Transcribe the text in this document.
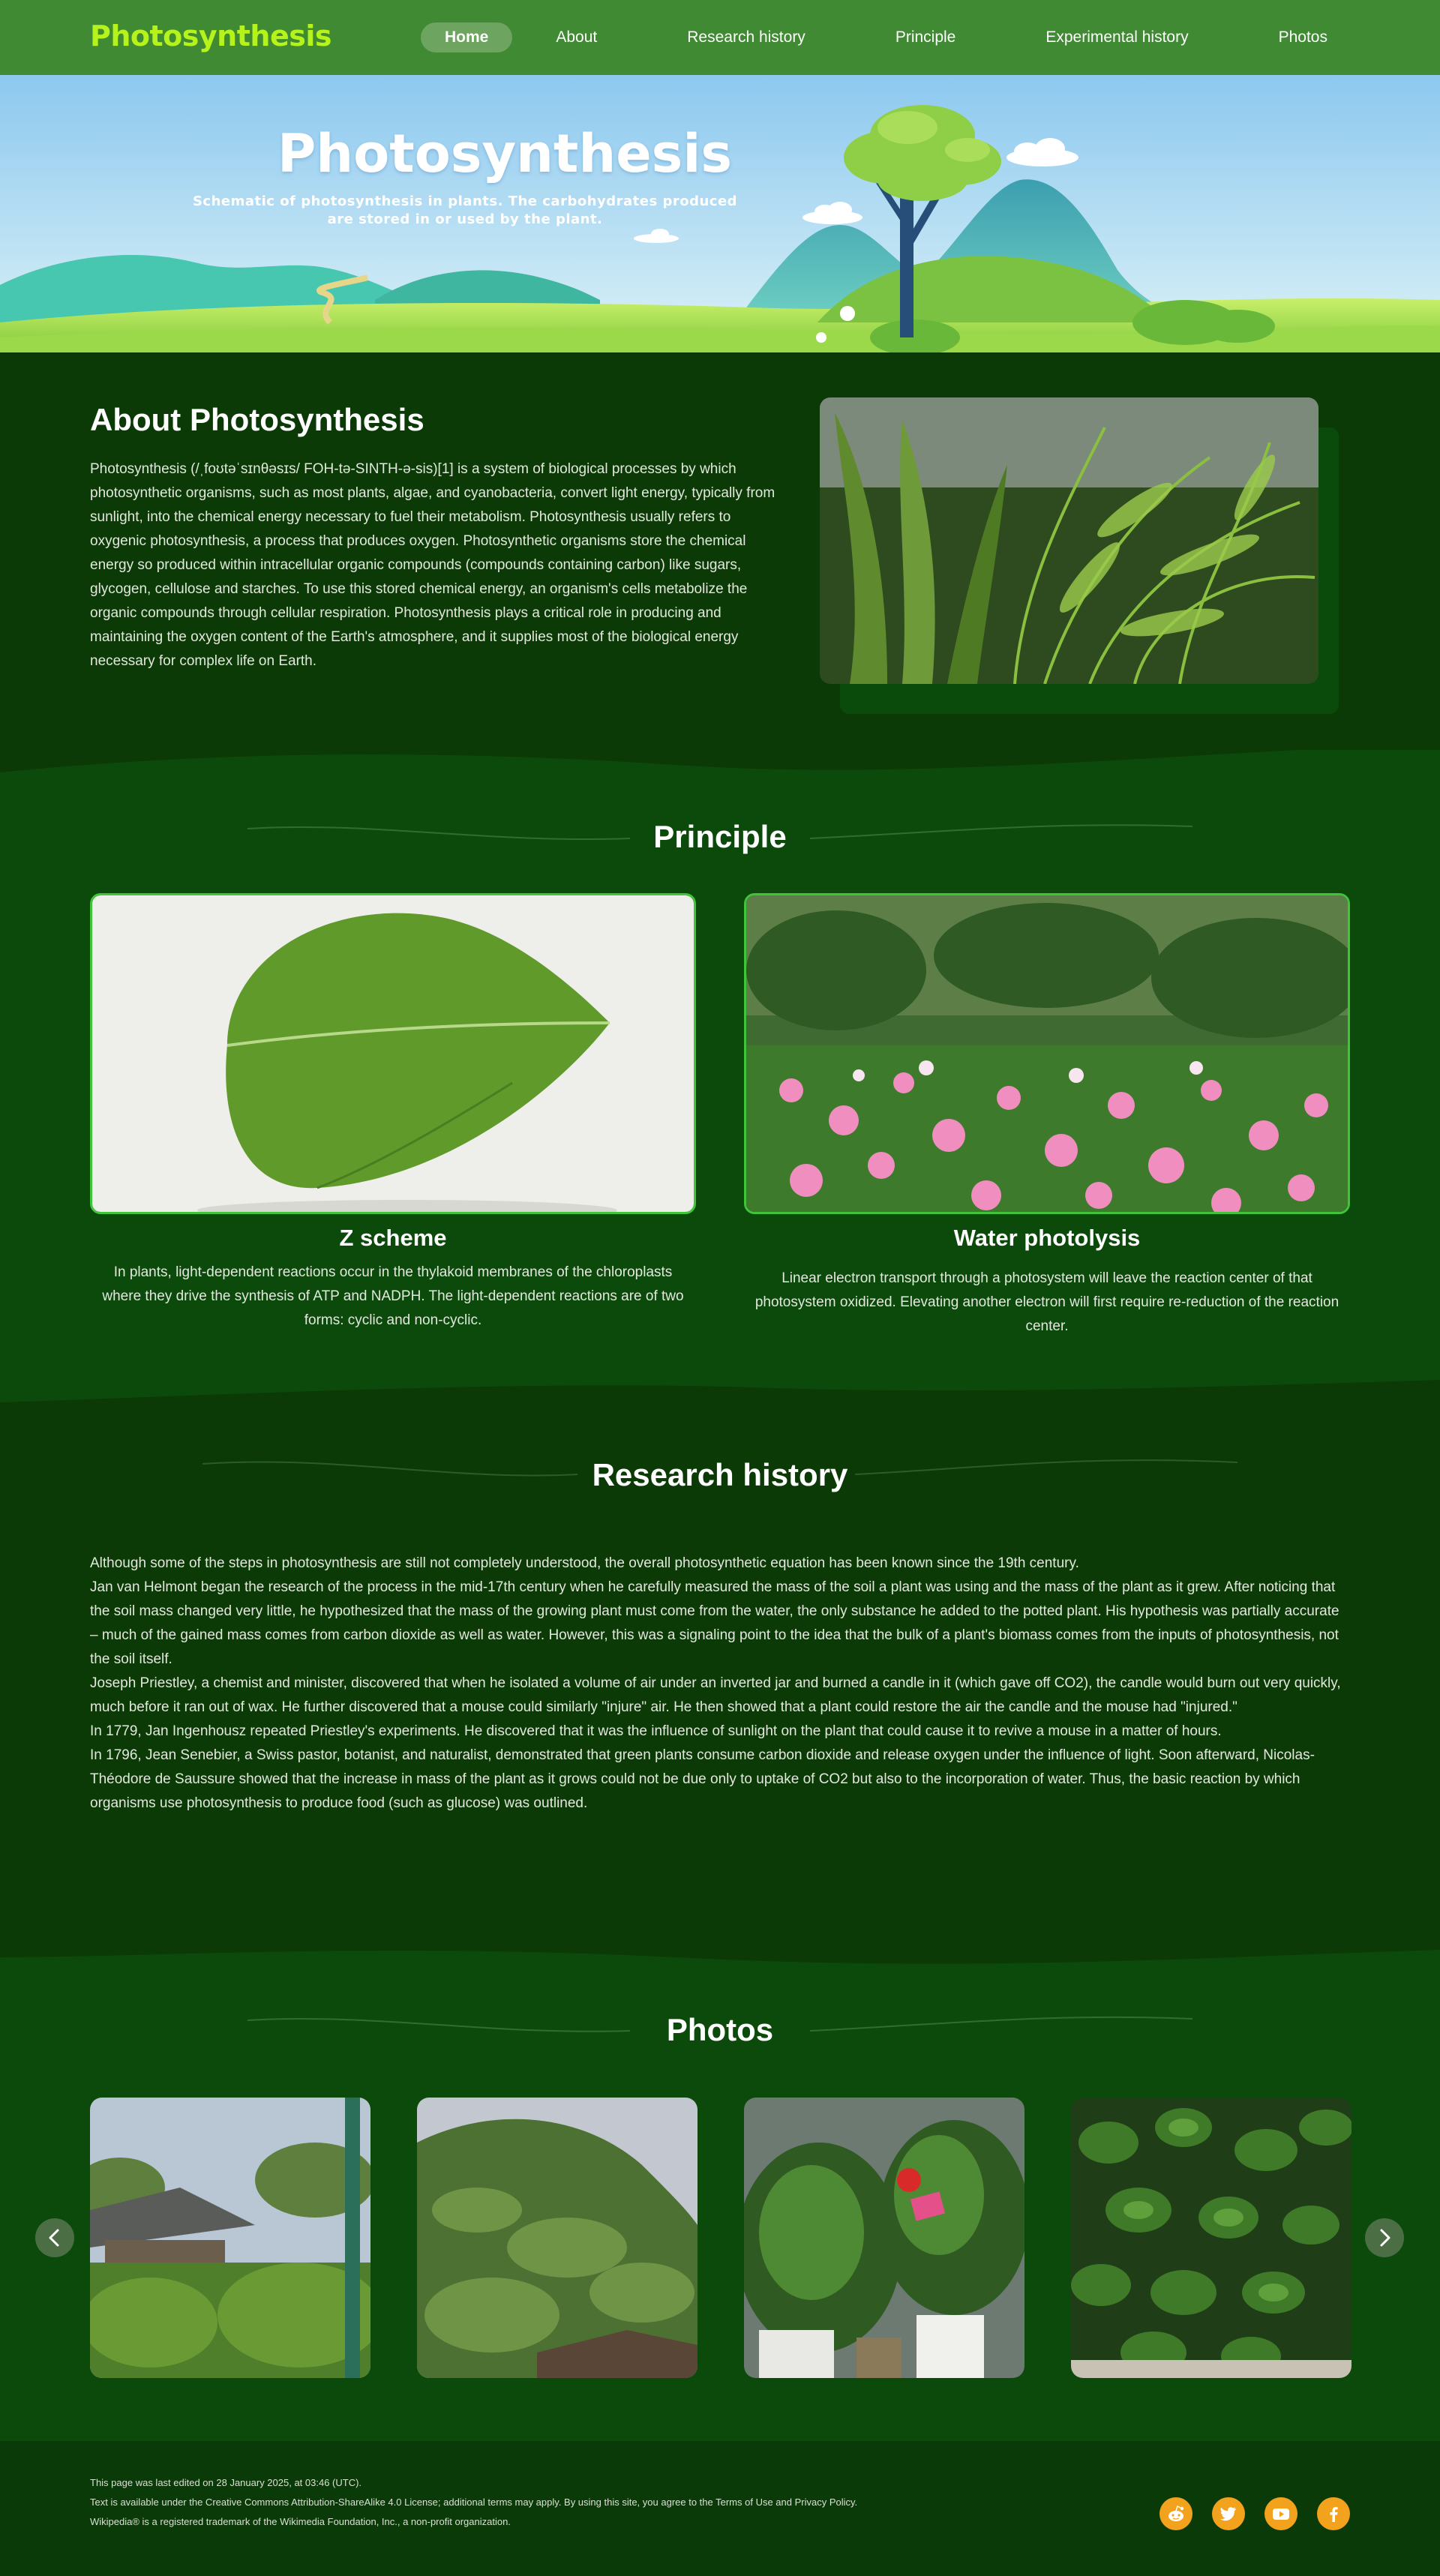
Photosynthesis	Home	About	Research history	Principle	Experimental history	Photos
Photosynthesis
Schematic of photosynthesis in plants. The carbohydrates produced are stored in or used by the plant.
About Photosynthesis

Photosynthesis (/ˌfoʊtəˈsɪnθəsɪs/ FOH-tə-SINTH-ə-sis)[1] is a system of biological processes by which photosynthetic organisms, such as most plants, algae, and cyanobacteria, convert light energy, typically from sunlight, into the chemical energy necessary to fuel their metabolism. Photosynthesis usually refers to oxygenic photosynthesis, a process that produces oxygen. Photosynthetic organisms store the chemical energy so produced within intracellular organic compounds (compounds containing carbon) like sugars, glycogen, cellulose and starches. To use this stored chemical energy, an organism's cells metabolize the organic compounds through cellular respiration. Photosynthesis plays a critical role in producing and maintaining the oxygen content of the Earth's atmosphere, and it supplies most of the biological energy necessary for complex life on Earth.

Principle
Z scheme

In plants, light-dependent reactions occur in the thylakoid membranes of the chloroplasts where they drive the synthesis of ATP and NADPH. The light-dependent reactions are of two forms: cyclic and non-cyclic.

Water photolysis

Linear electron transport through a photosystem will leave the reaction center of that photosystem oxidized. Elevating another electron will first require re-reduction of the reaction center.

Research history
Although some of the steps in photosynthesis are still not completely understood, the overall photosynthetic equation has been known since the 19th century.
Jan van Helmont began the research of the process in the mid-17th century when he carefully measured the mass of the soil a plant was using and the mass of the plant as it grew. After noticing that the soil mass changed very little, he hypothesized that the mass of the growing plant must come from the water, the only substance he added to the potted plant. His hypothesis was partially accurate – much of the gained mass comes from carbon dioxide as well as water. However, this was a signaling point to the idea that the bulk of a plant's biomass comes from the inputs of photosynthesis, not the soil itself.
Joseph Priestley, a chemist and minister, discovered that when he isolated a volume of air under an inverted jar and burned a candle in it (which gave off CO2), the candle would burn out very quickly, much before it ran out of wax. He further discovered that a mouse could similarly "injure" air. He then showed that a plant could restore the air the candle and the mouse had "injured."
In 1779, Jan Ingenhousz repeated Priestley's experiments. He discovered that it was the influence of sunlight on the plant that could cause it to revive a mouse in a matter of hours.
In 1796, Jean Senebier, a Swiss pastor, botanist, and naturalist, demonstrated that green plants consume carbon dioxide and release oxygen under the influence of light. Soon afterward, Nicolas-Théodore de Saussure showed that the increase in mass of the plant as it grows could not be due only to uptake of CO2 but also to the incorporation of water. Thus, the basic reaction by which organisms use photosynthesis to produce food (such as glucose) was outlined.
Photos
This page was last edited on 28 January 2025, at 03:46 (UTC).
Text is available under the Creative Commons Attribution-ShareAlike 4.0 License; additional terms may apply. By using this site, you agree to the Terms of Use and Privacy Policy.
Wikipedia® is a registered trademark of the Wikimedia Foundation, Inc., a non-profit organization.
